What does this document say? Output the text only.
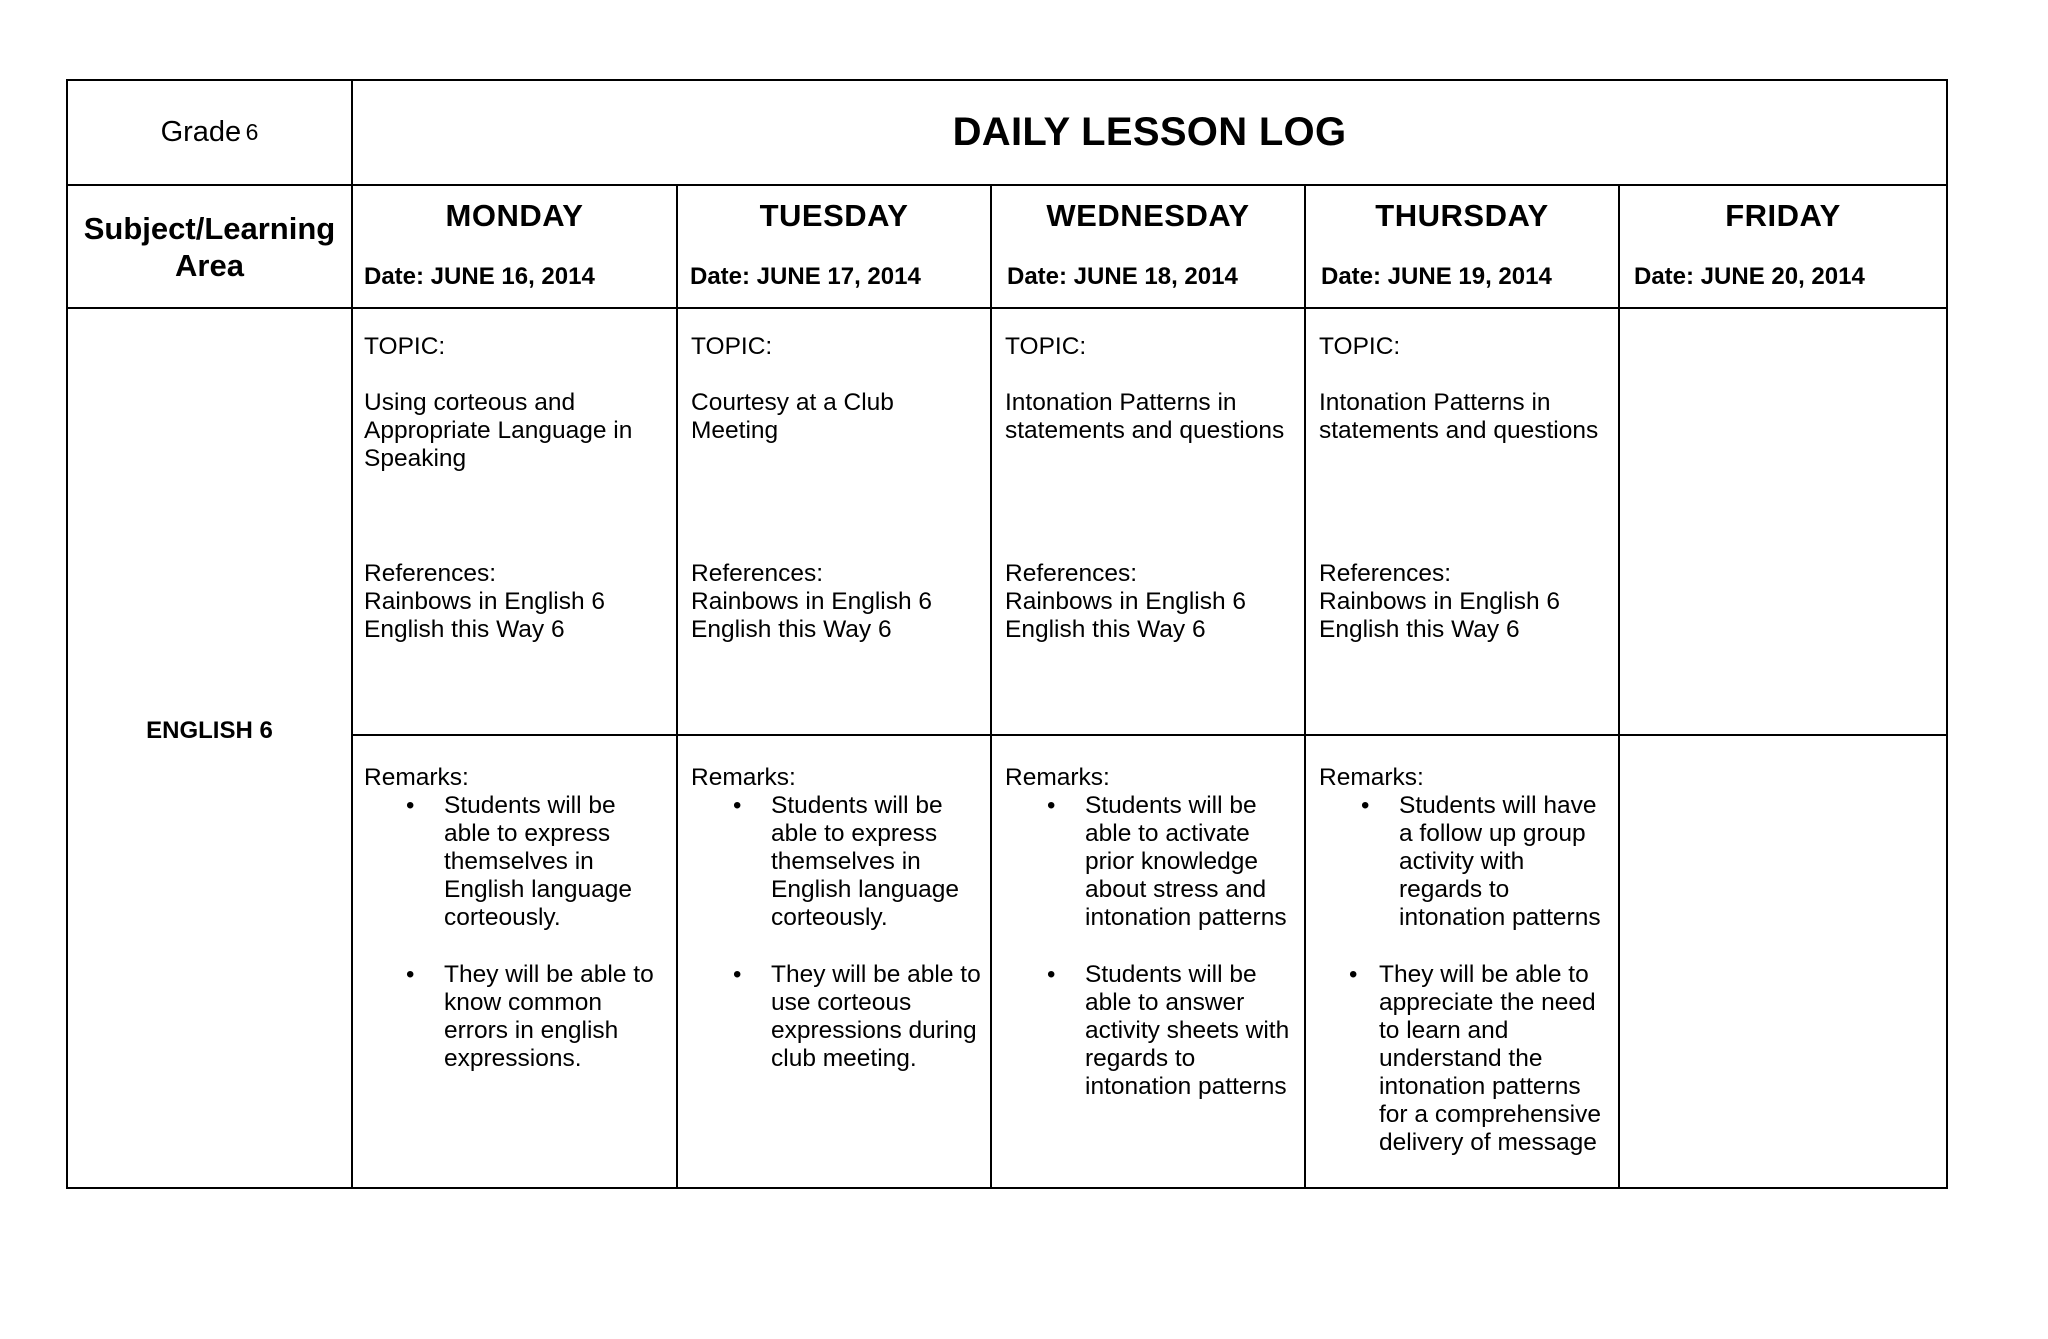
Grade
6	DAILY LESSON LOG
Subject/Learning Area
MONDAY
Date: JUNE 16, 2014
TUESDAY
Date: JUNE 17, 2014
WEDNESDAY
Date: JUNE 18, 2014
THURSDAY
Date: JUNE 19, 2014
FRIDAY
Date: JUNE 20, 2014
ENGLISH 6
TOPIC:
Using corteous and Appropriate Language in Speaking
TOPIC:
Courtesy at a Club Meeting
TOPIC:
Intonation Patterns in statements and questions
TOPIC:
Intonation Patterns in statements and questions
References:
Rainbows in English 6
English this Way 6
References:
Rainbows in English 6
English this Way 6
References:
Rainbows in English 6
English this Way 6
References:
Rainbows in English 6
English this Way 6
Remarks:
• Students will be able to express themselves in English language corteously.
• They will be able to know common errors in english expressions.
Remarks:
• Students will be able to express themselves in English language corteously.
• They will be able to use corteous expressions during club meeting.
Remarks:
• Students will be able to activate prior knowledge about stress and intonation patterns
• Students will be able to answer activity sheets with regards to intonation patterns
Remarks:
• Students will have a follow up group activity with regards to intonation patterns
• They will be able to appreciate the need to learn and understand the intonation patterns for a comprehensive delivery of message
